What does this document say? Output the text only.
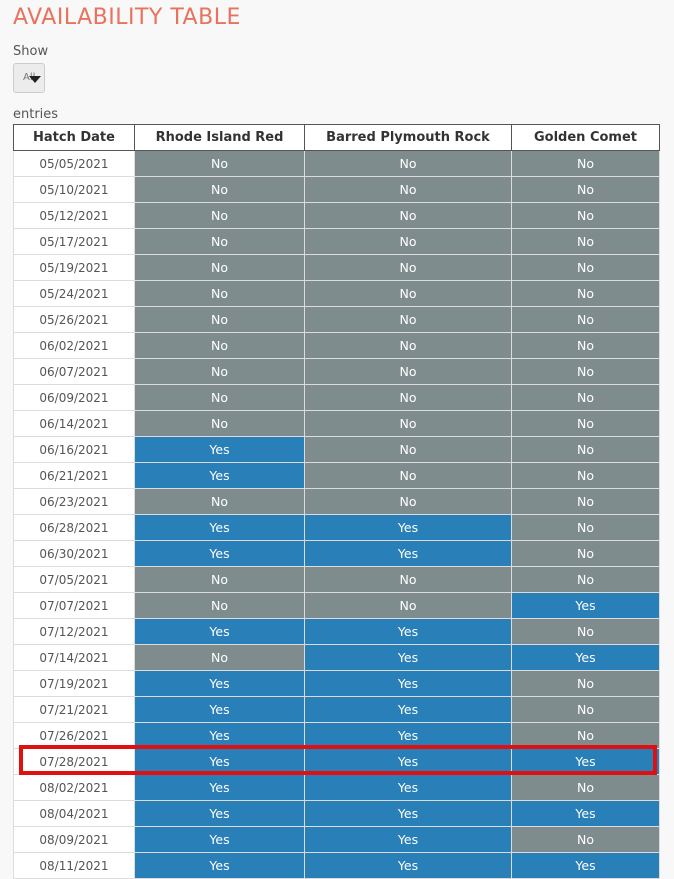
AVAILABILITY TABLE
Show
All
entries
Hatch Date	Rhode Island Red	Barred Plymouth Rock	Golden Comet
05/05/2021	No	No	No
05/10/2021	No	No	No
05/12/2021	No	No	No
05/17/2021	No	No	No
05/19/2021	No	No	No
05/24/2021	No	No	No
05/26/2021	No	No	No
06/02/2021	No	No	No
06/07/2021	No	No	No
06/09/2021	No	No	No
06/14/2021	No	No	No
06/16/2021	Yes	No	No
06/21/2021	Yes	No	No
06/23/2021	No	No	No
06/28/2021	Yes	Yes	No
06/30/2021	Yes	Yes	No
07/05/2021	No	No	No
07/07/2021	No	No	Yes
07/12/2021	Yes	Yes	No
07/14/2021	No	Yes	Yes
07/19/2021	Yes	Yes	No
07/21/2021	Yes	Yes	No
07/26/2021	Yes	Yes	No
07/28/2021	Yes	Yes	Yes
08/02/2021	Yes	Yes	No
08/04/2021	Yes	Yes	Yes
08/09/2021	Yes	Yes	No
08/11/2021	Yes	Yes	Yes
